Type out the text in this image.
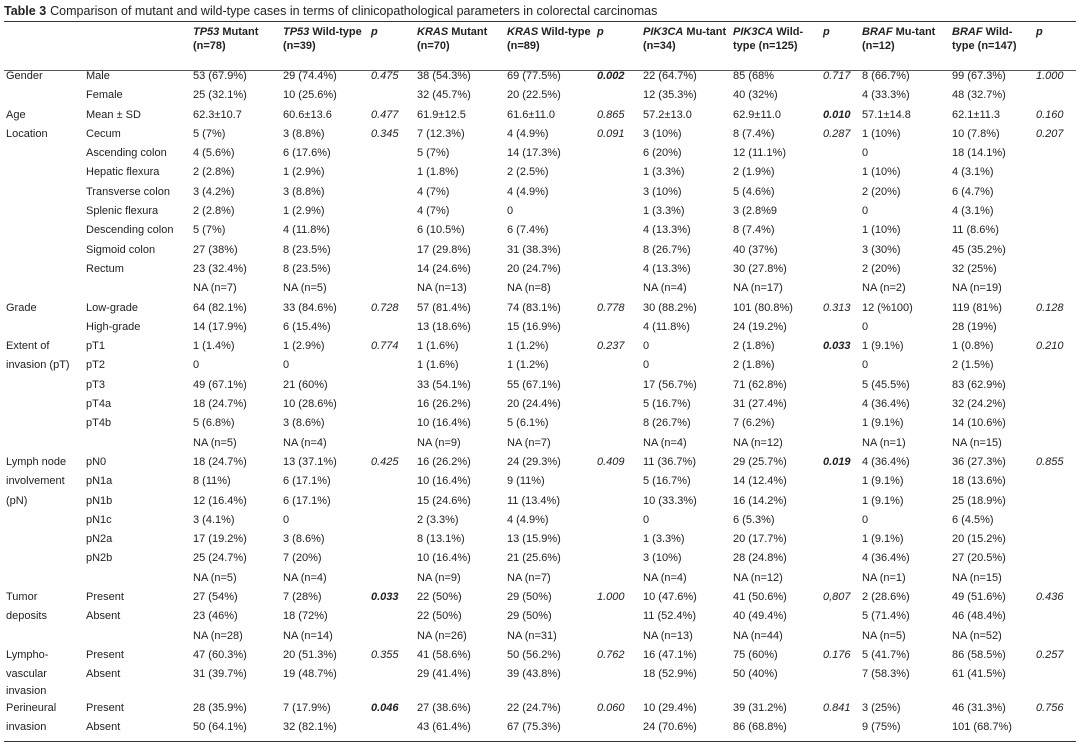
Table 3 Comparison of mutant and wild-type cases in terms of clinicopathological parameters in colorectal carcinomas
		TP53 Mutant (n=78)	TP53 Wild-type (n=39)	p	KRAS Mutant (n=70)	KRAS Wild-type (n=89)	p	PIK3CA Mu-tant (n=34)	PIK3CA Wild-type (n=125)	p	BRAF Mu-tant (n=12)	BRAF Wild-type (n=147)	p
Gender	Male	53 (67.9%)	29 (74.4%)	0.475	38 (54.3%)	69 (77.5%)	0.002	22 (64.7%)	85 (68%	0.717	8 (66.7%)	99 (67.3%)	1.000
	Female	25 (32.1%)	10 (25.6%)		32 (45.7%)	20 (22.5%)		12 (35.3%)	40 (32%)		4 (33.3%)	48 (32.7%)	
Age	Mean ± SD	62.3±10.7	60.6±13.6	0.477	61.9±12.5	61.6±11.0	0.865	57.2±13.0	62.9±11.0	0.010	57.1±14.8	62.1±11.3	0.160
Location	Cecum	5 (7%)	3 (8.8%)	0.345	7 (12.3%)	4 (4.9%)	0.091	3 (10%)	8 (7.4%)	0.287	1 (10%)	10 (7.8%)	0.207
	Ascending colon	4 (5.6%)	6 (17.6%)		5 (7%)	14 (17.3%)		6 (20%)	12 (11.1%)		0	18 (14.1%)	
	Hepatic flexura	2 (2.8%)	1 (2.9%)		1 (1.8%)	2 (2.5%)		1 (3.3%)	2 (1.9%)		1 (10%)	4 (3.1%)	
	Transverse colon	3 (4.2%)	3 (8.8%)		4 (7%)	4 (4.9%)		3 (10%)	5 (4.6%)		2 (20%)	6 (4.7%)	
	Splenic flexura	2 (2.8%)	1 (2.9%)		4 (7%)	0		1 (3.3%)	3 (2.8%9		0	4 (3.1%)	
	Descending colon	5 (7%)	4 (11.8%)		6 (10.5%)	6 (7.4%)		4 (13.3%)	8 (7.4%)		1 (10%)	11 (8.6%)	
	Sigmoid colon	27 (38%)	8 (23.5%)		17 (29.8%)	31 (38.3%)		8 (26.7%)	40 (37%)		3 (30%)	45 (35.2%)	
	Rectum	23 (32.4%)	8 (23.5%)		14 (24.6%)	20 (24.7%)		4 (13.3%)	30 (27.8%)		2 (20%)	32 (25%)	
		NA (n=7)	NA (n=5)		NA (n=13)	NA (n=8)		NA (n=4)	NA (n=17)		NA (n=2)	NA (n=19)	
Grade	Low-grade	64 (82.1%)	33 (84.6%)	0.728	57 (81.4%)	74 (83.1%)	0.778	30 (88.2%)	101 (80.8%)	0.313	12 (%100)	119 (81%)	0.128
	High-grade	14 (17.9%)	6 (15.4%)		13 (18.6%)	15 (16.9%)		4 (11.8%)	24 (19.2%)		0	28 (19%)	
Extent of	pT1	1 (1.4%)	1 (2.9%)	0.774	1 (1.6%)	1 (1.2%)	0.237	0	2 (1.8%)	0.033	1 (9.1%)	1 (0.8%)	0.210
invasion (pT)	pT2	0	0		1 (1.6%)	1 (1.2%)		0	2 (1.8%)		0	2 (1.5%)	
	pT3	49 (67.1%)	21 (60%)		33 (54.1%)	55 (67.1%)		17 (56.7%)	71 (62.8%)		5 (45.5%)	83 (62.9%)	
	pT4a	18 (24.7%)	10 (28.6%)		16 (26.2%)	20 (24.4%)		5 (16.7%)	31 (27.4%)		4 (36.4%)	32 (24.2%)	
	pT4b	5 (6.8%)	3 (8.6%)		10 (16.4%)	5 (6.1%)		8 (26.7%)	7 (6.2%)		1 (9.1%)	14 (10.6%)	
		NA (n=5)	NA (n=4)		NA (n=9)	NA (n=7)		NA (n=4)	NA (n=12)		NA (n=1)	NA (n=15)	
Lymph node	pN0	18 (24.7%)	13 (37.1%)	0.425	16 (26.2%)	24 (29.3%)	0.409	11 (36.7%)	29 (25.7%)	0.019	4 (36.4%)	36 (27.3%)	0.855
involvement	pN1a	8 (11%)	6 (17.1%)		10 (16.4%)	9 (11%)		5 (16.7%)	14 (12.4%)		1 (9.1%)	18 (13.6%)	
(pN)	pN1b	12 (16.4%)	6 (17.1%)		15 (24.6%)	11 (13.4%)		10 (33.3%)	16 (14.2%)		1 (9.1%)	25 (18.9%)	
	pN1c	3 (4.1%)	0		2 (3.3%)	4 (4.9%)		0	6 (5.3%)		0	6 (4.5%)	
	pN2a	17 (19.2%)	3 (8.6%)		8 (13.1%)	13 (15.9%)		1 (3.3%)	20 (17.7%)		1 (9.1%)	20 (15.2%)	
	pN2b	25 (24.7%)	7 (20%)		10 (16.4%)	21 (25.6%)		3 (10%)	28 (24.8%)		4 (36.4%)	27 (20.5%)	
		NA (n=5)	NA (n=4)		NA (n=9)	NA (n=7)		NA (n=4)	NA (n=12)		NA (n=1)	NA (n=15)	
Tumor	Present	27 (54%)	7 (28%)	0.033	22 (50%)	29 (50%)	1.000	10 (47.6%)	41 (50.6%)	0,807	2 (28.6%)	49 (51.6%)	0.436
deposits	Absent	23 (46%)	18 (72%)		22 (50%)	29 (50%)		11 (52.4%)	40 (49.4%)		5 (71.4%)	46 (48.4%)	
		NA (n=28)	NA (n=14)		NA (n=26)	NA (n=31)		NA (n=13)	NA (n=44)		NA (n=5)	NA (n=52)	
Lympho-	Present	47 (60.3%)	20 (51.3%)	0.355	41 (58.6%)	50 (56.2%)	0.762	16 (47.1%)	75 (60%)	0.176	5 (41.7%)	86 (58.5%)	0.257
vascular	Absent	31 (39.7%)	19 (48.7%)		29 (41.4%)	39 (43.8%)		18 (52.9%)	50 (40%)		7 (58.3%)	61 (41.5%)	
invasion													
Perineural	Present	28 (35.9%)	7 (17.9%)	0.046	27 (38.6%)	22 (24.7%)	0.060	10 (29.4%)	39 (31.2%)	0.841	3 (25%)	46 (31.3%)	0.756
invasion	Absent	50 (64.1%)	32 (82.1%)		43 (61.4%)	67 (75.3%)		24 (70.6%)	86 (68.8%)		9 (75%)	101 (68.7%)	
